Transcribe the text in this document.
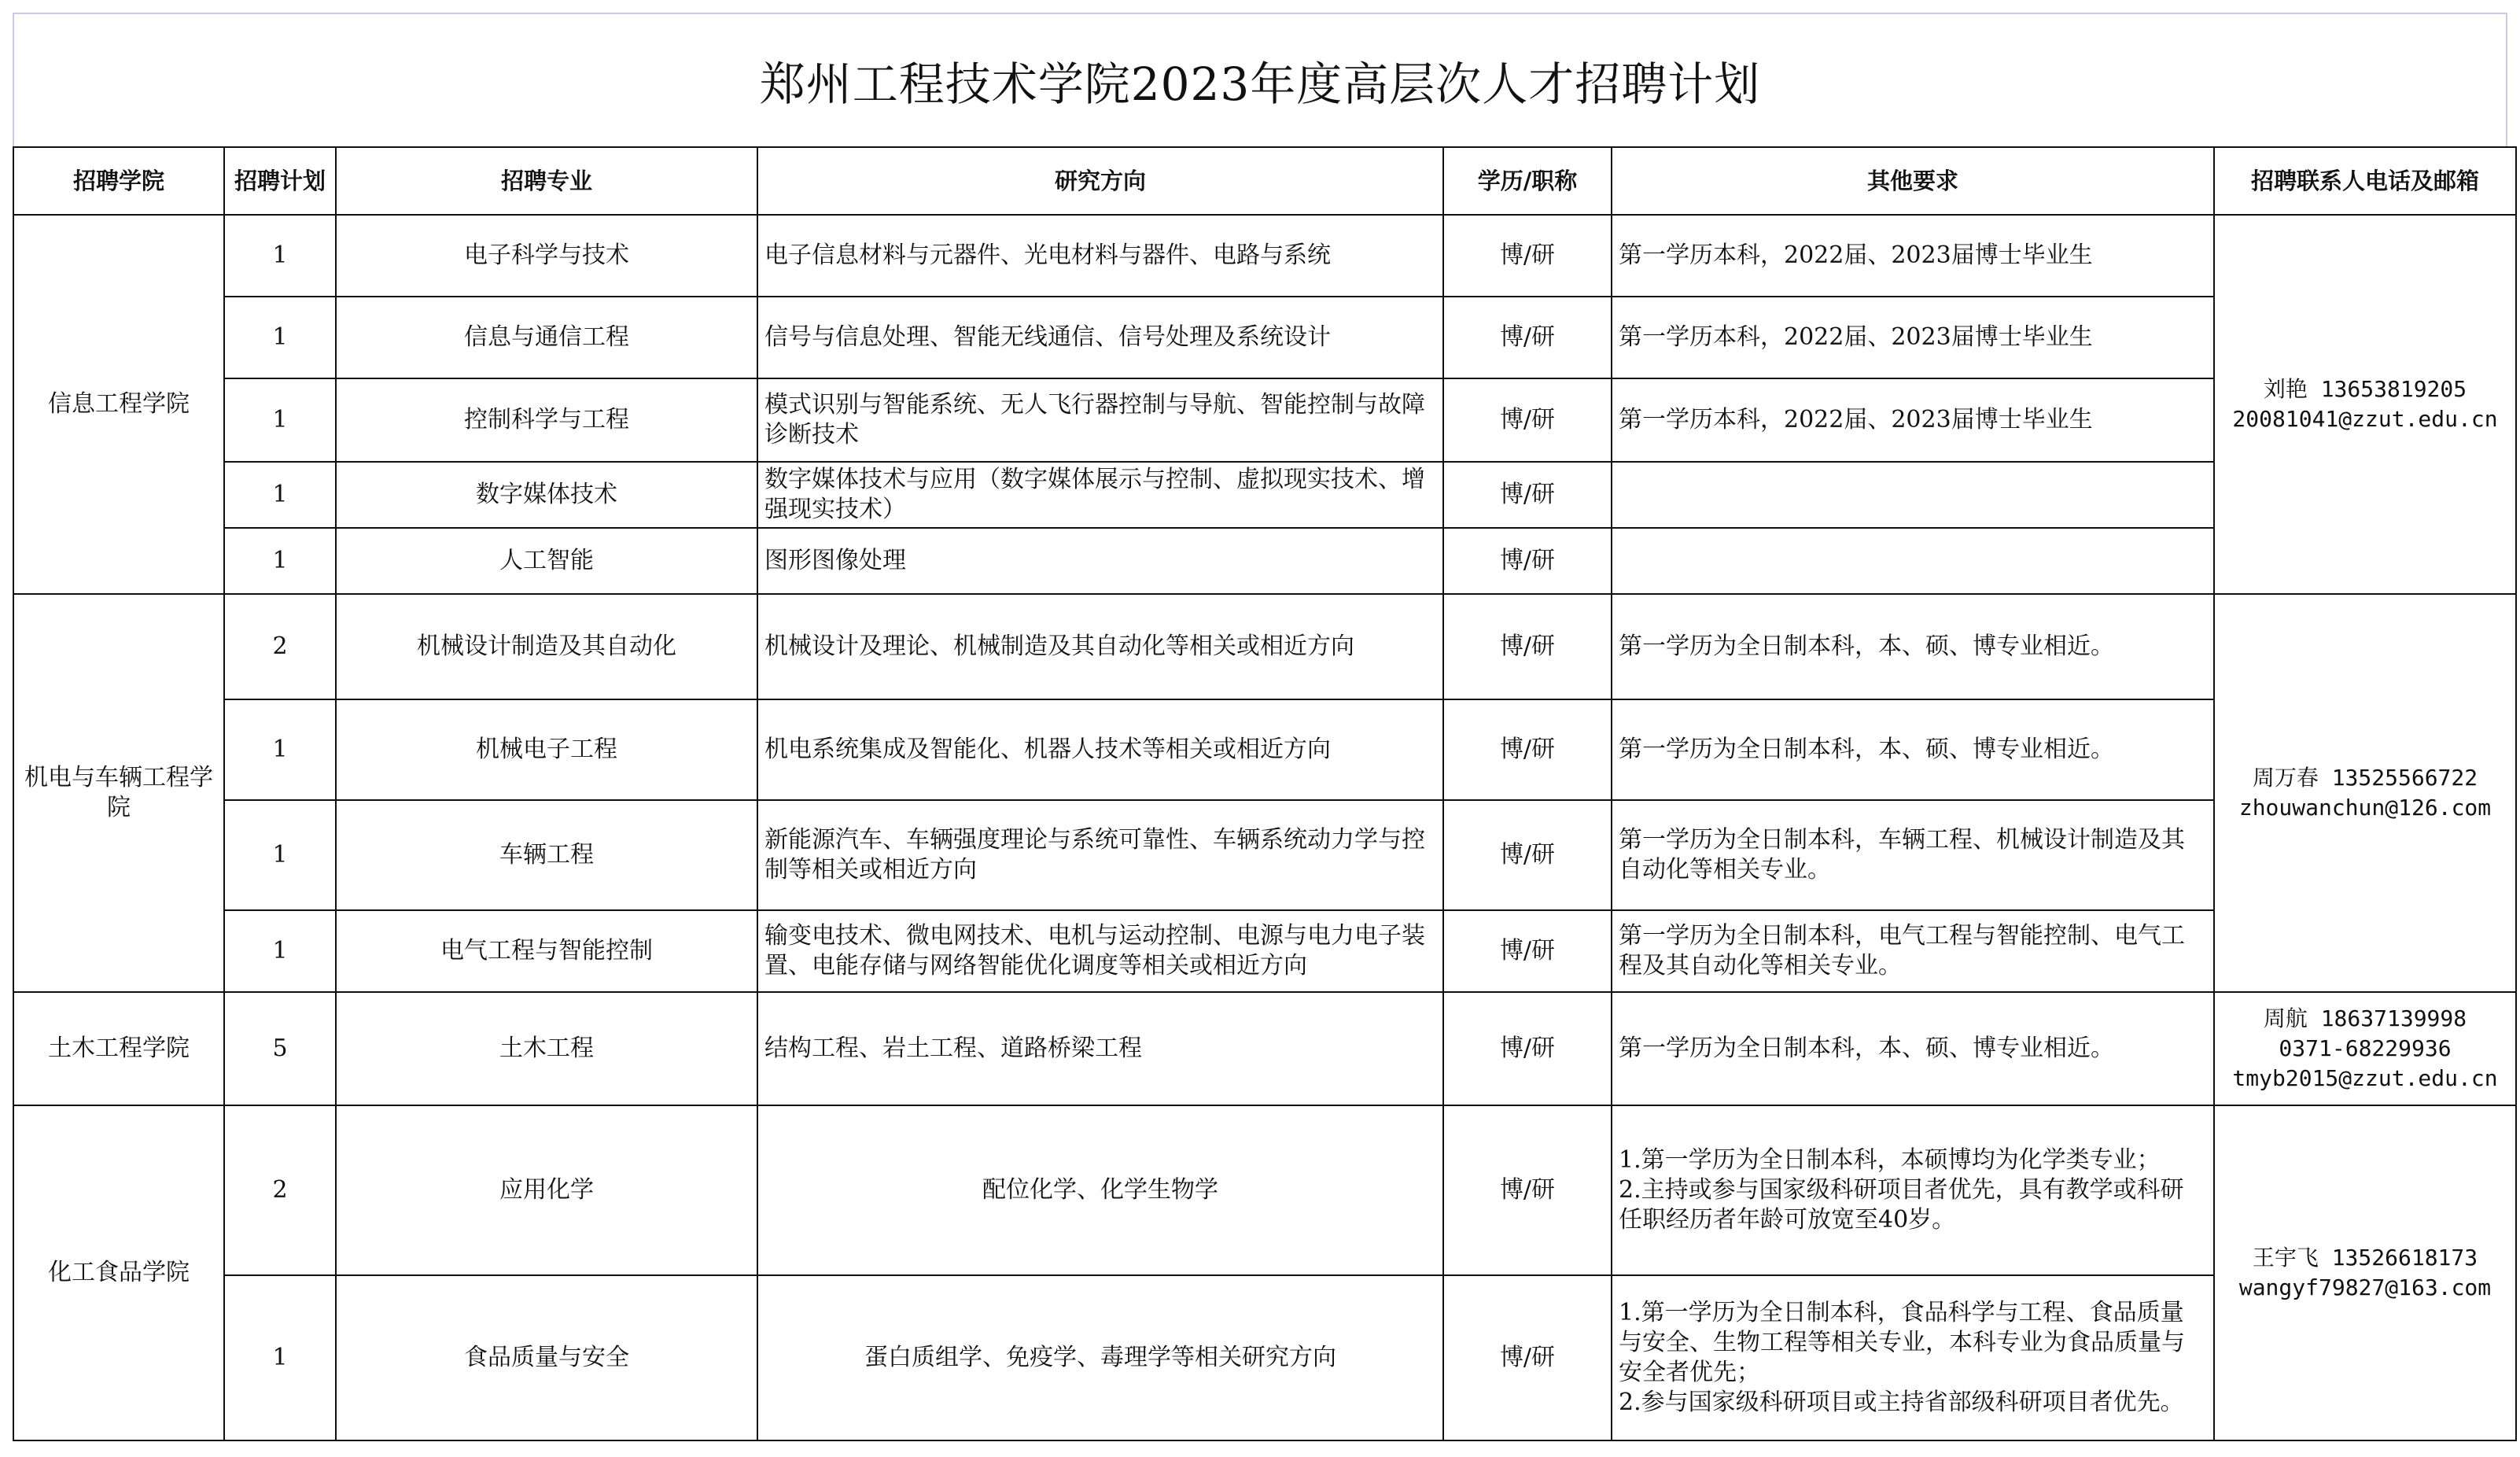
郑州工程技术学院2023年度高层次人才招聘计划
招聘学院	招聘计划	招聘专业	研究方向	学历/职称	其他要求	招聘联系人电话及邮箱
信息工程学院	1	电子科学与技术	电子信息材料与元器件、光电材料与器件、电路与系统	博/研	第一学历本科，2022届、2023届博士毕业生	刘艳 13653819205
20081041@zzut.edu.cn

	1	信息与通信工程	信号与信息处理、智能无线通信、信号处理及系统设计	博/研	第一学历本科，2022届、2023届博士毕业生	
	1	控制科学与工程	模式识别与智能系统、无人飞行器控制与导航、智能控制与故障诊断技术	博/研	第一学历本科，2022届、2023届博士毕业生	
	1	数字媒体技术	数字媒体技术与应用（数字媒体展示与控制、虚拟现实技术、增强现实技术）	博/研		
	1	人工智能	图形图像处理	博/研		
机电与车辆工程学院	2	机械设计制造及其自动化	机械设计及理论、机械制造及其自动化等相关或相近方向	博/研	第一学历为全日制本科，本、硕、博专业相近。	周万春 13525566722
zhouwanchun@126.com

	1	机械电子工程	机电系统集成及智能化、机器人技术等相关或相近方向	博/研	第一学历为全日制本科，本、硕、博专业相近。	
	1	车辆工程	新能源汽车、车辆强度理论与系统可靠性、车辆系统动力学与控制等相关或相近方向	博/研	第一学历为全日制本科，车辆工程、机械设计制造及其自动化等相关专业。	
	1	电气工程与智能控制	输变电技术、微电网技术、电机与运动控制、电源与电力电子装置、电能存储与网络智能优化调度等相关或相近方向	博/研	第一学历为全日制本科，电气工程与智能控制、电气工程及其自动化等相关专业。	
土木工程学院	5	土木工程	结构工程、岩土工程、道路桥梁工程	博/研	第一学历为全日制本科，本、硕、博专业相近。	周航 18637139998
0371-68229936
tmyb2015@zzut.edu.cn

化工食品学院	2	应用化学	配位化学、化学生物学	博/研	1.第一学历为全日制本科，本硕博均为化学类专业；
2.主持或参与国家级科研项目者优先，具有教学或科研任职经历者年龄可放宽至40岁。	王宇飞 13526618173
wangyf79827@163.com

	1	食品质量与安全	蛋白质组学、免疫学、毒理学等相关研究方向	博/研	1.第一学历为全日制本科，食品科学与工程、食品质量与安全、生物工程等相关专业，本科专业为食品质量与安全者优先；
2.参与国家级科研项目或主持省部级科研项目者优先。	
